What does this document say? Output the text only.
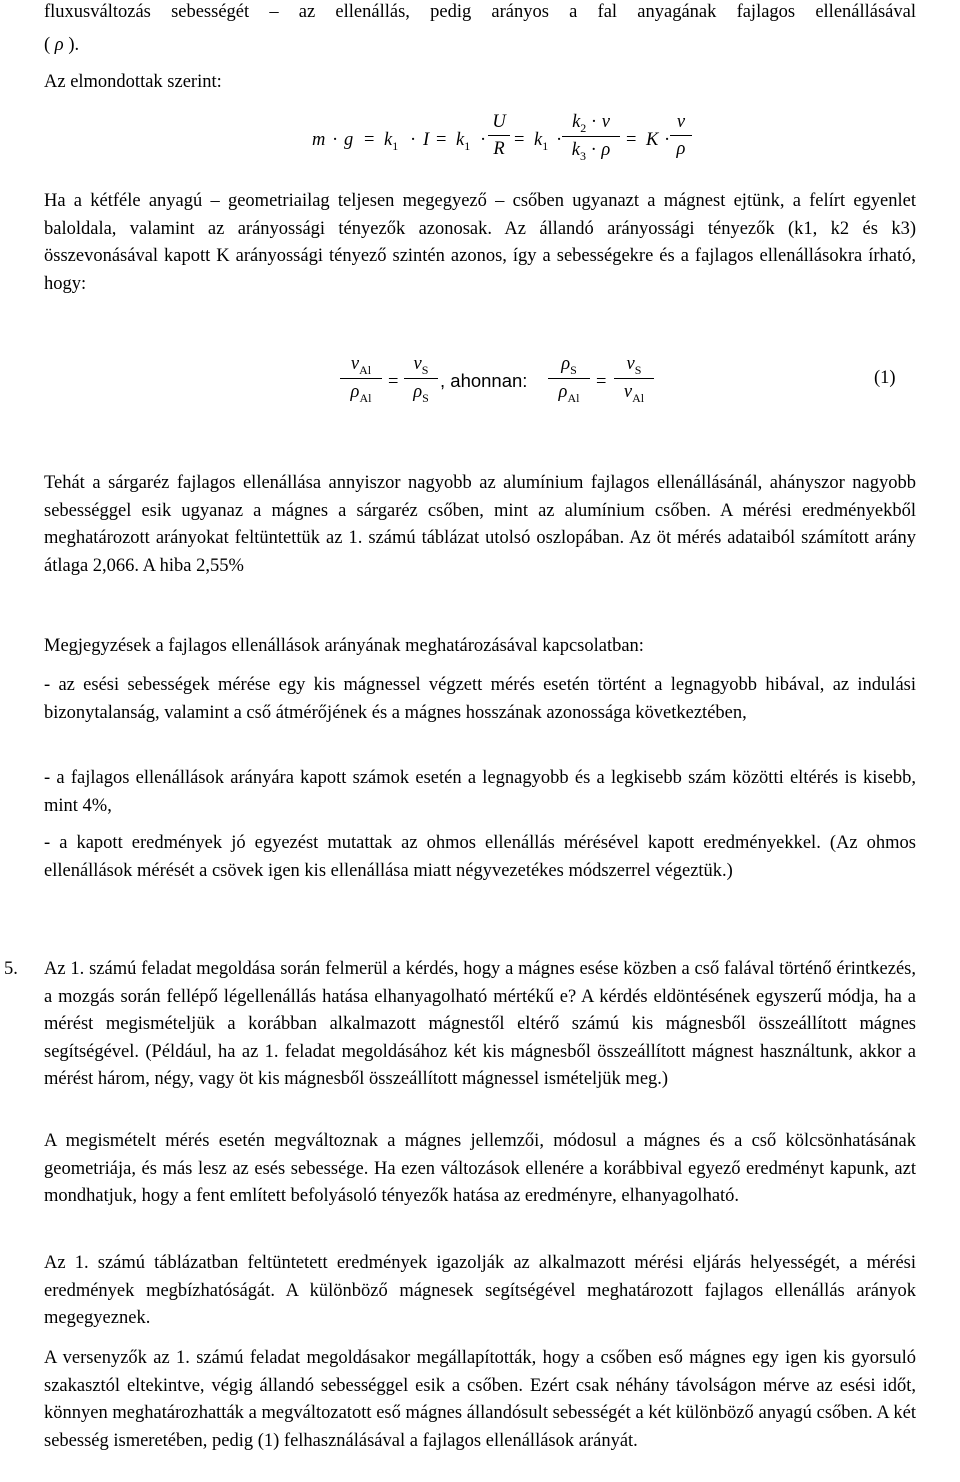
fluxusváltozás sebességét – az ellenállás, pedig arányos a fal anyagának fajlagos ellenállásával
( ρ ).
Az elmondottak szerint:
$m \cdot g = k_1 \cdot I = k_1 \cdot \frac{U}{R} = k_1 \cdot \frac{k_2 \cdot v}{k_3 \cdot \rho} = K \cdot \frac{v}{\rho}$

Ha a kétféle anyagú – geometriailag teljesen megegyező – csőben ugyanazt a mágnest ejtünk, a felírt egyenlet baloldala, valamint az arányossági tényezők azonosak. Az állandó arányossági tényezők (k1, k2 és k3) összevonásával kapott K arányossági tényező szintén azonos, így a sebességekre és a fajlagos ellenállásokra írható, hogy:

$v_{Al}$
$\rho_{Al}$
= $\frac{v_S}{\rho_S}$ , ahonnan:
$\rho_S$
$\rho_{Al}$
=
$v_S$
$v_{Al}$
(1)

Tehát a sárgaréz fajlagos ellenállása annyiszor nagyobb az alumínium fajlagos ellenállásánál, ahányszor nagyobb sebességgel esik ugyanaz a mágnes a sárgaréz csőben, mint az alumínium csőben. A mérési eredményekből meghatározott arányokat feltüntettük az 1. számú táblázat utolsó oszlopában. Az öt mérés adataiból számított arány átlaga 2,066. A hiba 2,55%

Megjegyzések a fajlagos ellenállások arányának meghatározásával kapcsolatban:

- az esési sebességek mérése egy kis mágnessel végzett mérés esetén történt a legnagyobb hibával, az indulási bizonytalanság, valamint a cső átmérőjének és a mágnes hosszának azonossága következtében,

- a fajlagos ellenállások arányára kapott számok esetén a legnagyobb és a legkisebb szám közötti eltérés is kisebb, mint 4%,

- a kapott eredmények jó egyezést mutattak az ohmos ellenállás mérésével kapott eredményekkel. (Az ohmos ellenállások mérését a csövek igen kis ellenállása miatt négyvezetékes módszerrel végeztük.)

5. Az 1. számú feladat megoldása során felmerül a kérdés, hogy a mágnes esése közben a cső falával történő érintkezés, a mozgás során fellépő légellenállás hatása elhanyagolható mértékű e? A kérdés eldöntésének egyszerű módja, ha a mérést megismételjük a korábban alkalmazott mágnestől eltérő számú kis mágnesből összeállított mágnes segítségével. (Például, ha az 1. feladat megoldásához két kis mágnesből összeállított mágnest használtunk, akkor a mérést három, négy, vagy öt kis mágnesből összeállított mágnessel ismételjük meg.)

A megismételt mérés esetén megváltoznak a mágnes jellemzői, módosul a mágnes és a cső kölcsönhatásának geometriája, és más lesz az esés sebessége. Ha ezen változások ellenére a korábbival egyező eredményt kapunk, azt mondhatjuk, hogy a fent említett befolyásoló tényezők hatása az eredményre, elhanyagolható.

Az 1. számú táblázatban feltüntetett eredmények igazolják az alkalmazott mérési eljárás helyességét, a mérési eredmények megbízhatóságát. A különböző mágnesek segítségével meghatározott fajlagos ellenállás arányok megegyeznek.

A versenyzők az 1. számú feladat megoldásakor megállapították, hogy a csőben eső mágnes egy igen kis gyorsuló szakasztól eltekintve, végig állandó sebességgel esik a csőben. Ezért csak néhány távolságon mérve az esési időt, könnyen meghatározhatták a megváltozatott eső mágnes állandósult sebességét a két különböző anyagú csőben. A két sebesség ismeretében, pedig (1) felhasználásával a fajlagos ellenállások arányát.
